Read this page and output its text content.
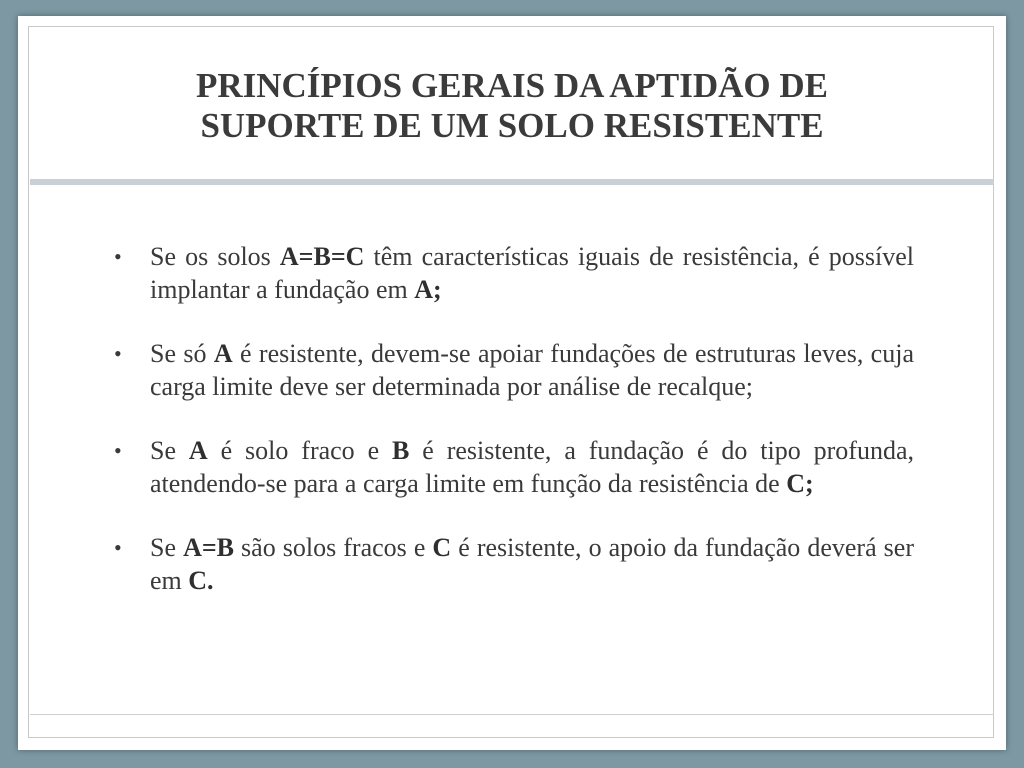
PRINCÍPIOS GERAIS DA APTIDÃO DE
SUPORTE DE UM SOLO RESISTENTE
• Se os solos A=B=C têm características iguais de resistência, é possível implantar a fundação em A;
• Se só A é resistente, devem-se apoiar fundações de estruturas leves, cuja carga limite deve ser determinada por análise de recalque;
• Se A é solo fraco e B é resistente, a fundação é do tipo profunda, atendendo-se para a carga limite em função da resistência de C;
• Se A=B são solos fracos e C é resistente, o apoio da fundação deverá ser em C.
